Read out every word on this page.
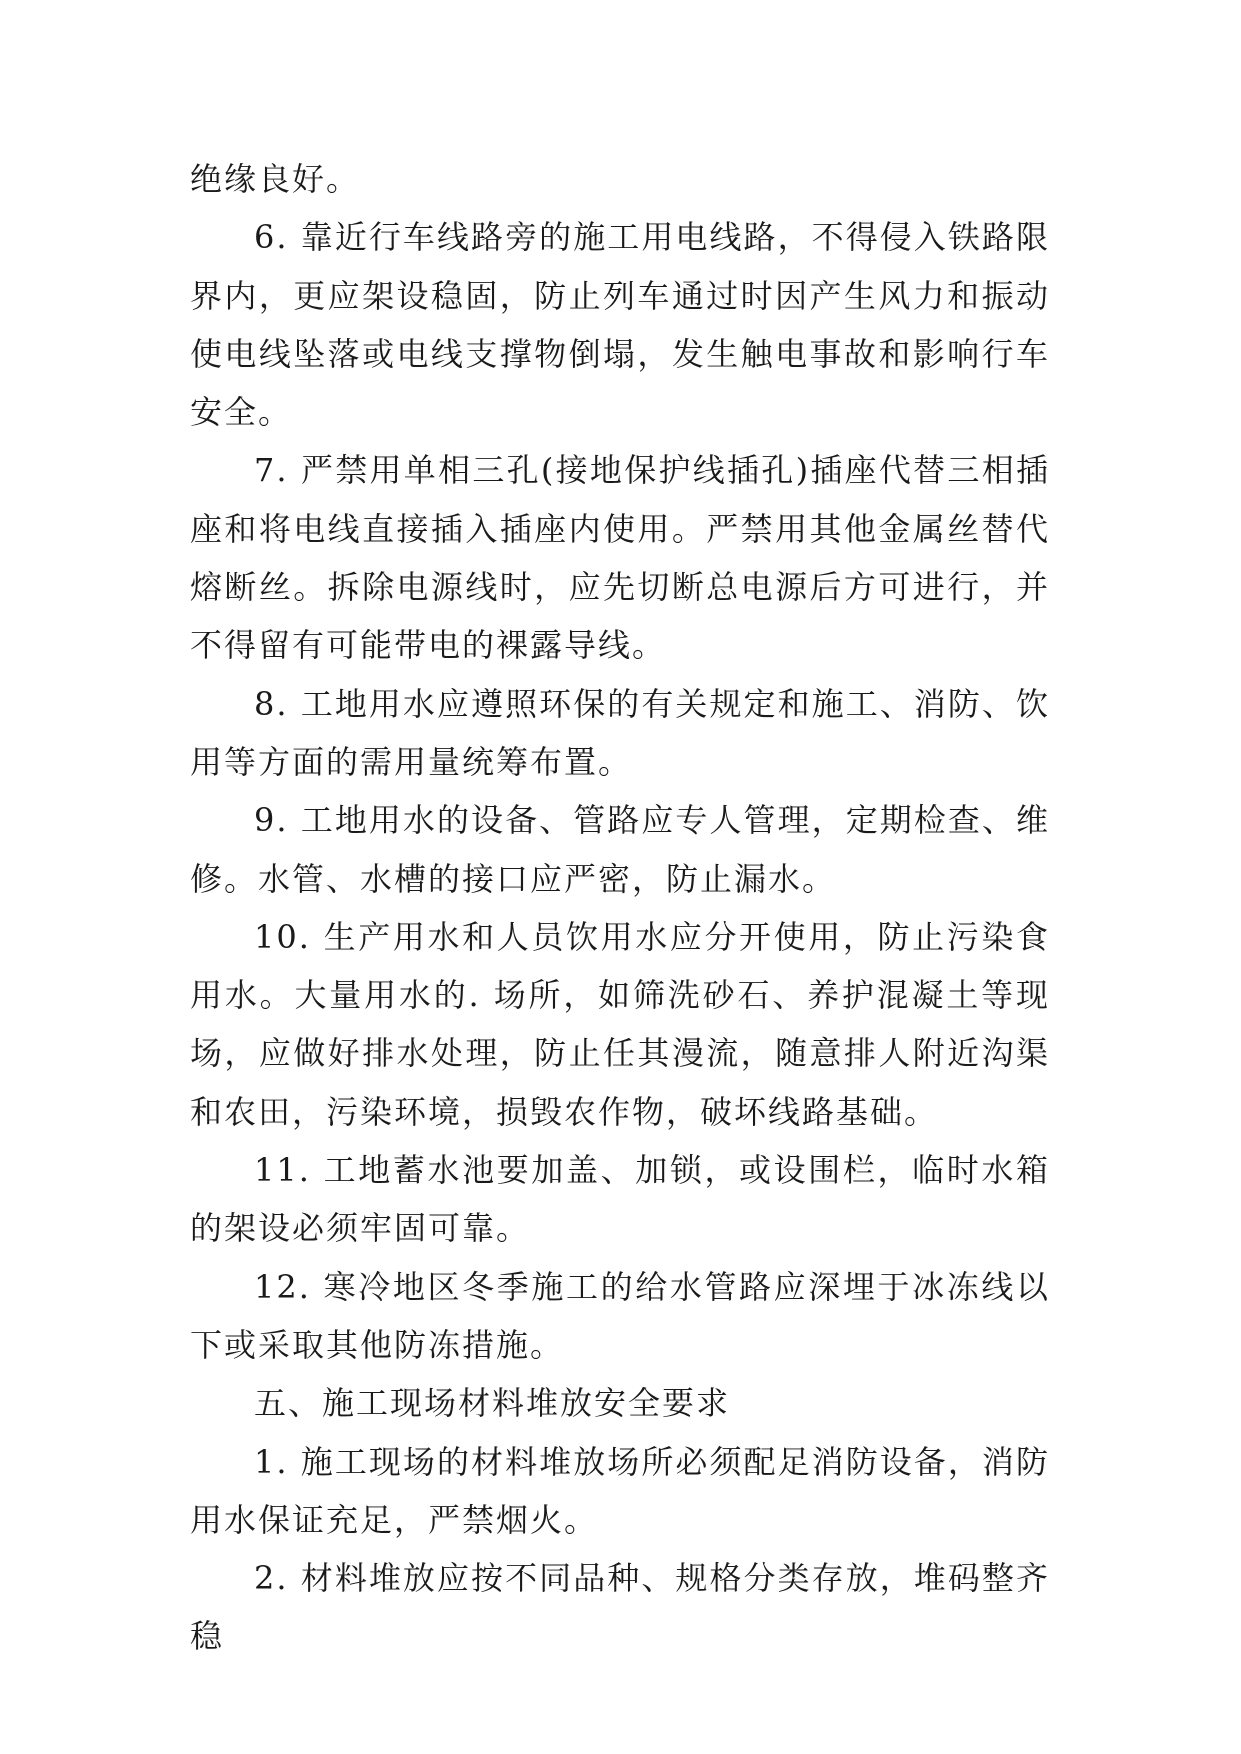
绝缘良好。

6. 靠近行车线路旁的施工用电线路，不得侵入铁路限界内，更应架设稳固，防止列车通过时因产生风力和振动使电线坠落或电线支撑物倒塌，发生触电事故和影响行车安全。

7. 严禁用单相三孔(接地保护线插孔)插座代替三相插座和将电线直接插入插座内使用。严禁用其他金属丝替代熔断丝。拆除电源线时，应先切断总电源后方可进行，并不得留有可能带电的裸露导线。

8. 工地用水应遵照环保的有关规定和施工、消防、饮用等方面的需用量统筹布置。

9. 工地用水的设备、管路应专人管理，定期检查、维修。水管、水槽的接口应严密，防止漏水。

10. 生产用水和人员饮用水应分开使用，防止污染食用水。大量用水的. 场所，如筛洗砂石、养护混凝土等现场，应做好排水处理，防止任其漫流，随意排人附近沟渠和农田，污染环境，损毁农作物，破坏线路基础。

11. 工地蓄水池要加盖、加锁，或设围栏，临时水箱的架设必须牢固可靠。

12. 寒冷地区冬季施工的给水管路应深埋于冰冻线以下或采取其他防冻措施。

五、施工现场材料堆放安全要求

1. 施工现场的材料堆放场所必须配足消防设备，消防用水保证充足，严禁烟火。

2. 材料堆放应按不同品种、规格分类存放，堆码整齐稳
